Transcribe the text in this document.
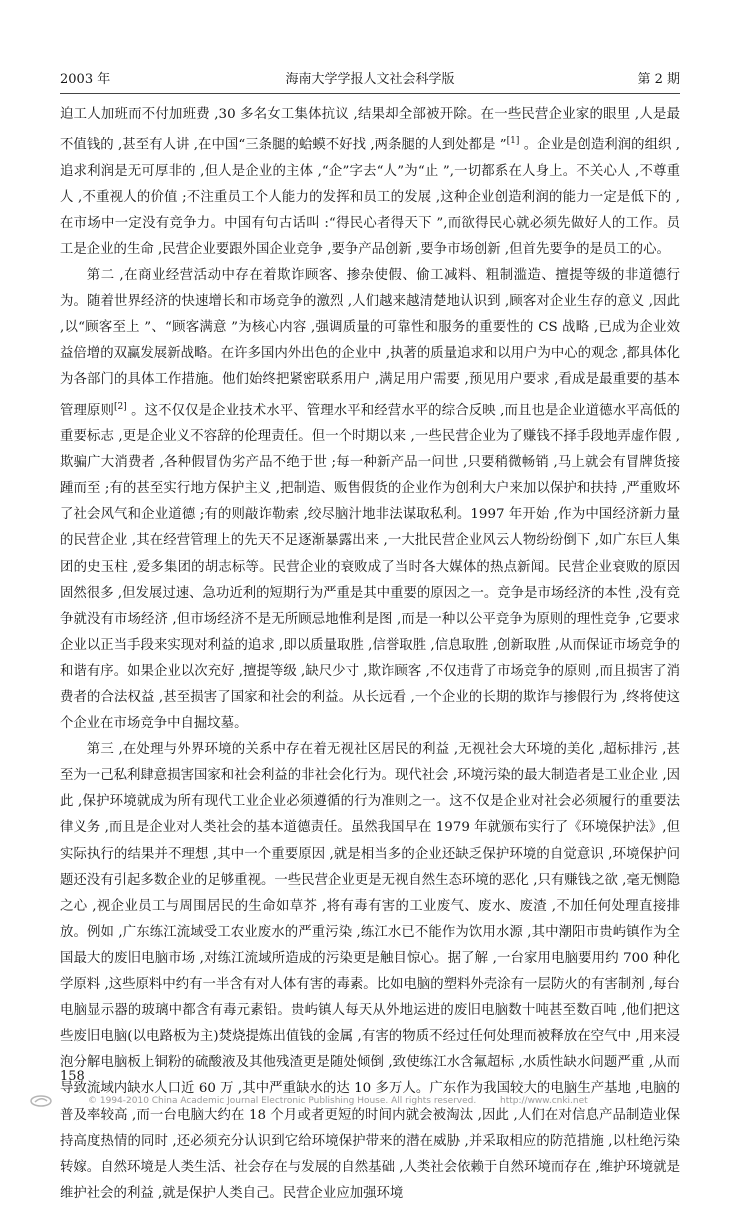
2003 年	海南大学学报人文社会科学版	第 2 期

迫工人加班而不付加班费 ,30 多名女工集体抗议 ,结果却全部被开除。在一些民营企业家的眼里 ,人是最不值钱的 ,甚至有人讲 ,在中国“三条腿的蛤蟆不好找 ,两条腿的人到处都是 ”[1] 。企业是创造利润的组织 ,追求利润是无可厚非的 ,但人是企业的主体 ,“企”字去“人”为“止 ”,一切都系在人身上。不关心人 ,不尊重人 ,不重视人的价值 ;不注重员工个人能力的发挥和员工的发展 ,这种企业创造利润的能力一定是低下的 ,在市场中一定没有竞争力。中国有句古话叫 :“得民心者得天下 ”,而欲得民心就必须先做好人的工作。员工是企业的生命 ,民营企业要跟外国企业竞争 ,要争产品创新 ,要争市场创新 ,但首先要争的是员工的心。

第二 ,在商业经营活动中存在着欺诈顾客、掺杂使假、偷工减料、粗制滥造、擅提等级的非道德行为。随着世界经济的快速增长和市场竞争的激烈 ,人们越来越清楚地认识到 ,顾客对企业生存的意义 ,因此 ,以“顾客至上 ”、“顾客满意 ”为核心内容 ,强调质量的可靠性和服务的重要性的 CS 战略 ,已成为企业效益倍增的双赢发展新战略。在许多国内外出色的企业中 ,执著的质量追求和以用户为中心的观念 ,都具体化为各部门的具体工作措施。他们始终把紧密联系用户 ,满足用户需要 ,预见用户要求 ,看成是最重要的基本管理原则[2] 。这不仅仅是企业技术水平、管理水平和经营水平的综合反映 ,而且也是企业道德水平高低的重要标志 ,更是企业义不容辞的伦理责任。但一个时期以来 ,一些民营企业为了赚钱不择手段地弄虚作假 ,欺骗广大消费者 ,各种假冒伪劣产品不绝于世 ;每一种新产品一问世 ,只要稍微畅销 ,马上就会有冒牌货接踵而至 ;有的甚至实行地方保护主义 ,把制造、贩售假货的企业作为创利大户来加以保护和扶持 ,严重败坏了社会风气和企业道德 ;有的则敲诈勒索 ,绞尽脑汁地非法谋取私利。1997 年开始 ,作为中国经济新力量的民营企业 ,其在经营管理上的先天不足逐渐暴露出来 ,一大批民营企业风云人物纷纷倒下 ,如广东巨人集团的史玉柱 ,爱多集团的胡志标等。民营企业的衰败成了当时各大媒体的热点新闻。民营企业衰败的原因固然很多 ,但发展过速、急功近利的短期行为严重是其中重要的原因之一。竞争是市场经济的本性 ,没有竞争就没有市场经济 ,但市场经济不是无所顾忌地惟利是图 ,而是一种以公平竞争为原则的理性竞争 ,它要求企业以正当手段来实现对利益的追求 ,即以质量取胜 ,信誉取胜 ,信息取胜 ,创新取胜 ,从而保证市场竞争的和谐有序。如果企业以次充好 ,擅提等级 ,缺尺少寸 ,欺诈顾客 ,不仅违背了市场竞争的原则 ,而且损害了消费者的合法权益 ,甚至损害了国家和社会的利益。从长远看 ,一个企业的长期的欺诈与掺假行为 ,终将使这个企业在市场竞争中自掘坟墓。

第三 ,在处理与外界环境的关系中存在着无视社区居民的利益 ,无视社会大环境的美化 ,超标排污 ,甚至为一己私利肆意损害国家和社会利益的非社会化行为。现代社会 ,环境污染的最大制造者是工业企业 ,因此 ,保护环境就成为所有现代工业企业必须遵循的行为准则之一。这不仅是企业对社会必须履行的重要法律义务 ,而且是企业对人类社会的基本道德责任。虽然我国早在 1979 年就颁布实行了《环境保护法》,但实际执行的结果并不理想 ,其中一个重要原因 ,就是相当多的企业还缺乏保护环境的自觉意识 ,环境保护问题还没有引起多数企业的足够重视。一些民营企业更是无视自然生态环境的恶化 ,只有赚钱之欲 ,毫无恻隐之心 ,视企业员工与周围居民的生命如草芥 ,将有毒有害的工业废气、废水、废渣 ,不加任何处理直接排放。例如 ,广东练江流域受工农业废水的严重污染 ,练江水已不能作为饮用水源 ,其中潮阳市贵屿镇作为全国最大的废旧电脑市场 ,对练江流域所造成的污染更是触目惊心。据了解 ,一台家用电脑要用约 700 种化学原料 ,这些原料中约有一半含有对人体有害的毒素。比如电脑的塑料外壳涂有一层防火的有害制剂 ,每台电脑显示器的玻璃中都含有毒元素铅。贵屿镇人每天从外地运进的废旧电脑数十吨甚至数百吨 ,他们把这些废旧电脑(以电路板为主)焚烧提炼出值钱的金属 ,有害的物质不经过任何处理而被释放在空气中 ,用来浸泡分解电脑板上铜粉的硫酸液及其他残渣更是随处倾倒 ,致使练江水含氟超标 ,水质性缺水问题严重 ,从而导致流域内缺水人口近 60 万 ,其中严重缺水的达 10 多万人。广东作为我国较大的电脑生产基地 ,电脑的普及率较高 ,而一台电脑大约在 18 个月或者更短的时间内就会被淘汰 ,因此 ,人们在对信息产品制造业保持高度热情的同时 ,还必须充分认识到它给环境保护带来的潜在威胁 ,并采取相应的防范措施 ,以杜绝污染转嫁。自然环境是人类生活、社会存在与发展的自然基础 ,人类社会依赖于自然环境而存在 ,维护环境就是维护社会的利益 ,就是保护人类自己。民营企业应加强环境

158
© 1994-2010 China Academic Journal Electronic Publishing House. All rights reserved.	http://www.cnki.net
